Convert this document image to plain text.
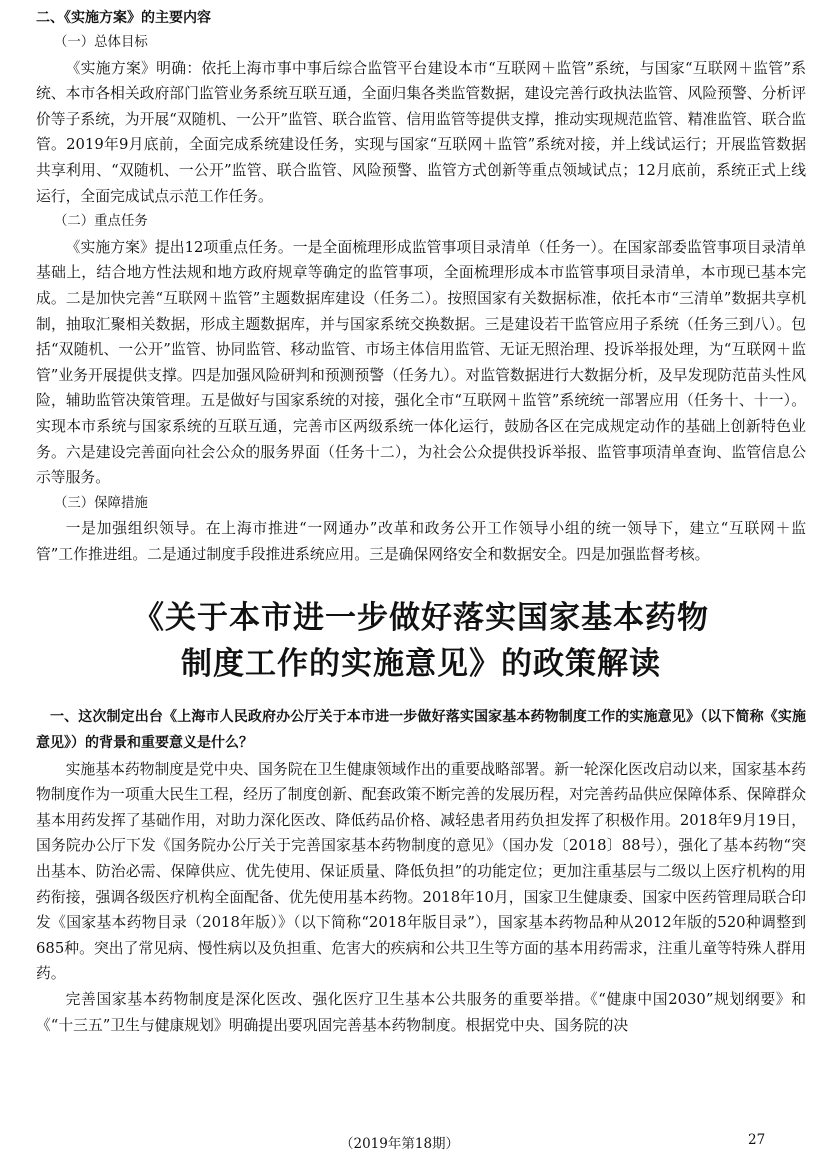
二、《实施方案》的主要内容

（一）总体目标

《实施方案》明确：依托上海市事中事后综合监管平台建设本市“互联网＋监管”系统，与国家“互联网＋监管”系统、本市各相关政府部门监管业务系统互联互通，全面归集各类监管数据，建设完善行政执法监管、风险预警、分析评价等子系统，为开展“双随机、一公开”监管、联合监管、信用监管等提供支撑，推动实现规范监管、精准监管、联合监管。2019年9月底前，全面完成系统建设任务，实现与国家“互联网＋监管”系统对接，并上线试运行；开展监管数据共享利用、“双随机、一公开”监管、联合监管、风险预警、监管方式创新等重点领域试点；12月底前，系统正式上线运行，全面完成试点示范工作任务。

（二）重点任务

《实施方案》提出12项重点任务。一是全面梳理形成监管事项目录清单（任务一）。在国家部委监管事项目录清单基础上，结合地方性法规和地方政府规章等确定的监管事项，全面梳理形成本市监管事项目录清单，本市现已基本完成。二是加快完善“互联网＋监管”主题数据库建设（任务二）。按照国家有关数据标准，依托本市“三清单”数据共享机制，抽取汇聚相关数据，形成主题数据库，并与国家系统交换数据。三是建设若干监管应用子系统（任务三到八）。包括“双随机、一公开”监管、协同监管、移动监管、市场主体信用监管、无证无照治理、投诉举报处理，为“互联网＋监管”业务开展提供支撑。四是加强风险研判和预测预警（任务九）。对监管数据进行大数据分析，及早发现防范苗头性风险，辅助监管决策管理。五是做好与国家系统的对接，强化全市“互联网＋监管”系统统一部署应用（任务十、十一）。实现本市系统与国家系统的互联互通，完善市区两级系统一体化运行，鼓励各区在完成规定动作的基础上创新特色业务。六是建设完善面向社会公众的服务界面（任务十二），为社会公众提供投诉举报、监管事项清单查询、监管信息公示等服务。

（三）保障措施

一是加强组织领导。在上海市推进“一网通办”改革和政务公开工作领导小组的统一领导下，建立“互联网＋监管”工作推进组。二是通过制度手段推进系统应用。三是确保网络安全和数据安全。四是加强监督考核。

《关于本市进一步做好落实国家基本药物
制度工作的实施意见》的政策解读

一、这次制定出台《上海市人民政府办公厅关于本市进一步做好落实国家基本药物制度工作的实施意见》（以下简称《实施意见》）的背景和重要意义是什么？

实施基本药物制度是党中央、国务院在卫生健康领域作出的重要战略部署。新一轮深化医改启动以来，国家基本药物制度作为一项重大民生工程，经历了制度创新、配套政策不断完善的发展历程，对完善药品供应保障体系、保障群众基本用药发挥了基础作用，对助力深化医改、降低药品价格、减轻患者用药负担发挥了积极作用。2018年9月19日，国务院办公厅下发《国务院办公厅关于完善国家基本药物制度的意见》（国办发〔2018〕88号），强化了基本药物“突出基本、防治必需、保障供应、优先使用、保证质量、降低负担”的功能定位；更加注重基层与二级以上医疗机构的用药衔接，强调各级医疗机构全面配备、优先使用基本药物。2018年10月，国家卫生健康委、国家中医药管理局联合印发《国家基本药物目录（2018年版）》（以下简称“2018年版目录”），国家基本药物品种从2012年版的520种调整到685种。突出了常见病、慢性病以及负担重、危害大的疾病和公共卫生等方面的基本用药需求，注重儿童等特殊人群用药。

完善国家基本药物制度是深化医改、强化医疗卫生基本公共服务的重要举措。《“健康中国2030”规划纲要》和《“十三五”卫生与健康规划》明确提出要巩固完善基本药物制度。根据党中央、国务院的决

（2019年第18期）	27
